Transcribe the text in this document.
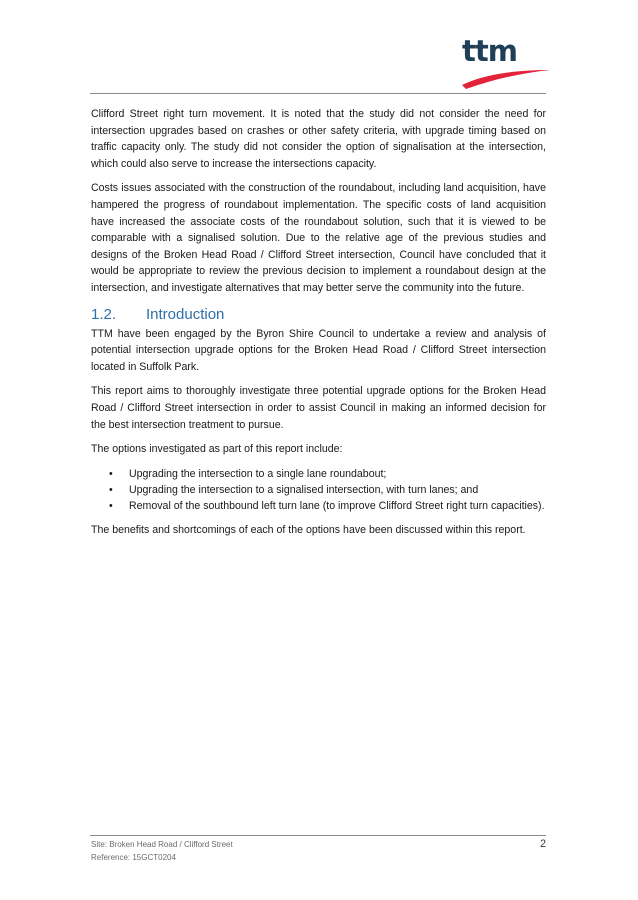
ttm

Clifford Street right turn movement. It is noted that the study did not consider the need for intersection upgrades based on crashes or other safety criteria, with upgrade timing based on traffic capacity only. The study did not consider the option of signalisation at the intersection, which could also serve to increase the intersections capacity.

Costs issues associated with the construction of the roundabout, including land acquisition, have hampered the progress of roundabout implementation. The specific costs of land acquisition have increased the associate costs of the roundabout solution, such that it is viewed to be comparable with a signalised solution. Due to the relative age of the previous studies and designs of the Broken Head Road / Clifford Street intersection, Council have concluded that it would be appropriate to review the previous decision to implement a roundabout design at the intersection, and investigate alternatives that may better serve the community into the future.

1.2.	Introduction

TTM have been engaged by the Byron Shire Council to undertake a review and analysis of potential intersection upgrade options for the Broken Head Road / Clifford Street intersection located in Suffolk Park.

This report aims to thoroughly investigate three potential upgrade options for the Broken Head Road / Clifford Street intersection in order to assist Council in making an informed decision for the best intersection treatment to pursue.

The options investigated as part of this report include:

• Upgrading the intersection to a single lane roundabout;
• Upgrading the intersection to a signalised intersection, with turn lanes; and
• Removal of the southbound left turn lane (to improve Clifford Street right turn capacities).

The benefits and shortcomings of each of the options have been discussed within this report.

Site: Broken Head Road / Clifford Street
Reference: 15GCT0204
2
